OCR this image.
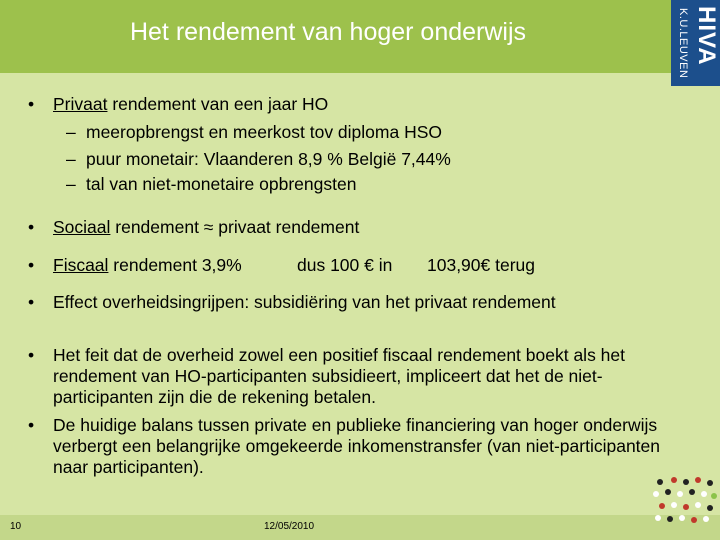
Het rendement van hoger onderwijs	K.U.LEUVEN HIVA
• Privaat rendement van een jaar HO
– meeropbrengst en meerkost tov diploma HSO
– puur monetair: Vlaanderen 8,9 % België 7,44%
– tal van niet-monetaire opbrengsten
• Sociaal rendement ≈ privaat rendement
• Fiscaal rendement 3,9%	dus 100 € in 103,90€ terug
• Effect overheidsingrijpen: subsidiëring van het privaat rendement
• Het feit dat de overheid zowel een positief fiscaal rendement boekt als het rendement van HO-participanten subsidieert, impliceert dat het de niet-participanten zijn die de rekening betalen.
• De huidige balans tussen private en publieke financiering van hoger onderwijs verbergt een belangrijke omgekeerde inkomenstransfer (van niet-participanten naar participanten).
10	12/05/2010
